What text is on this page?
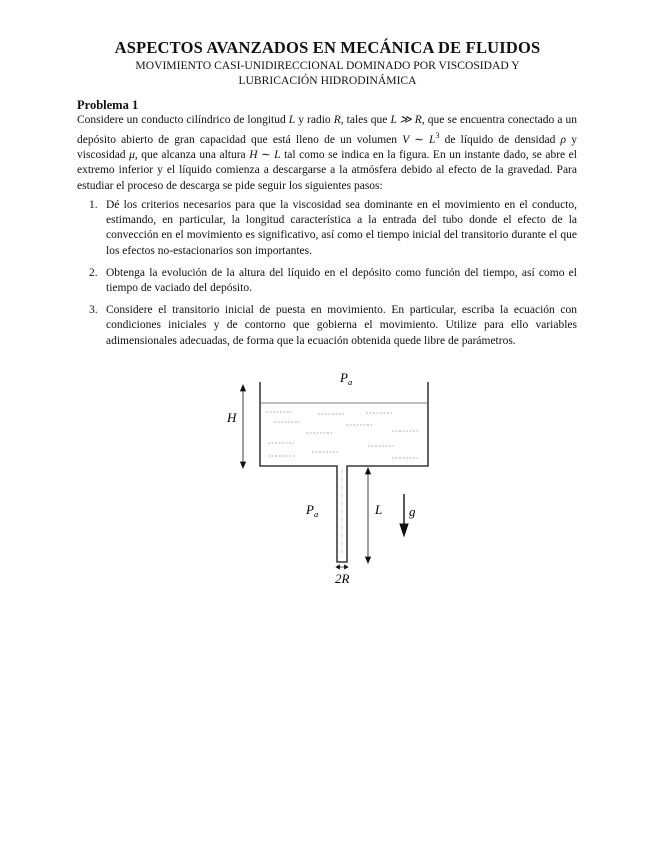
ASPECTOS AVANZADOS EN MECÁNICA DE FLUIDOS
MOVIMIENTO CASI-UNIDIRECCIONAL DOMINADO POR VISCOSIDAD Y
LUBRICACIÓN HIDRODINÁMICA
Problema 1
Considere un conducto cilíndrico de longitud L y radio R, tales que L ≫ R, que se encuentra conectado a un depósito abierto de gran capacidad que está lleno de un volumen V ∼ $L^3$ de líquido de densidad ρ y viscosidad μ, que alcanza una altura H ∼ L tal como se indica en la figura. En un instante dado, se abre el extremo inferior y el líquido comienza a descargarse a la atmósfera debido al efecto de la gravedad. Para estudiar el proceso de descarga se pide seguir los siguientes pasos:
1. Dé los criterios necesarios para que la viscosidad sea dominante en el movimiento en el conducto, estimando, en particular, la longitud característica a la entrada del tubo donde el efecto de la convección en el movimiento es significativo, así como el tiempo inicial del transitorio durante el que los efectos no-estacionarios son importantes.
2. Obtenga la evolución de la altura del líquido en el depósito como función del tiempo, así como el tiempo de vaciado del depósito.
3. Considere el transitorio inicial de puesta en movimiento. En particular, escriba la ecuación con condiciones iniciales y de contorno que gobierna el movimiento. Utilize para ello variables adimensionales adecuadas, de forma que la ecuación obtenida quede libre de parámetros.
$P_a$
H
$P_a$	L g
2R
